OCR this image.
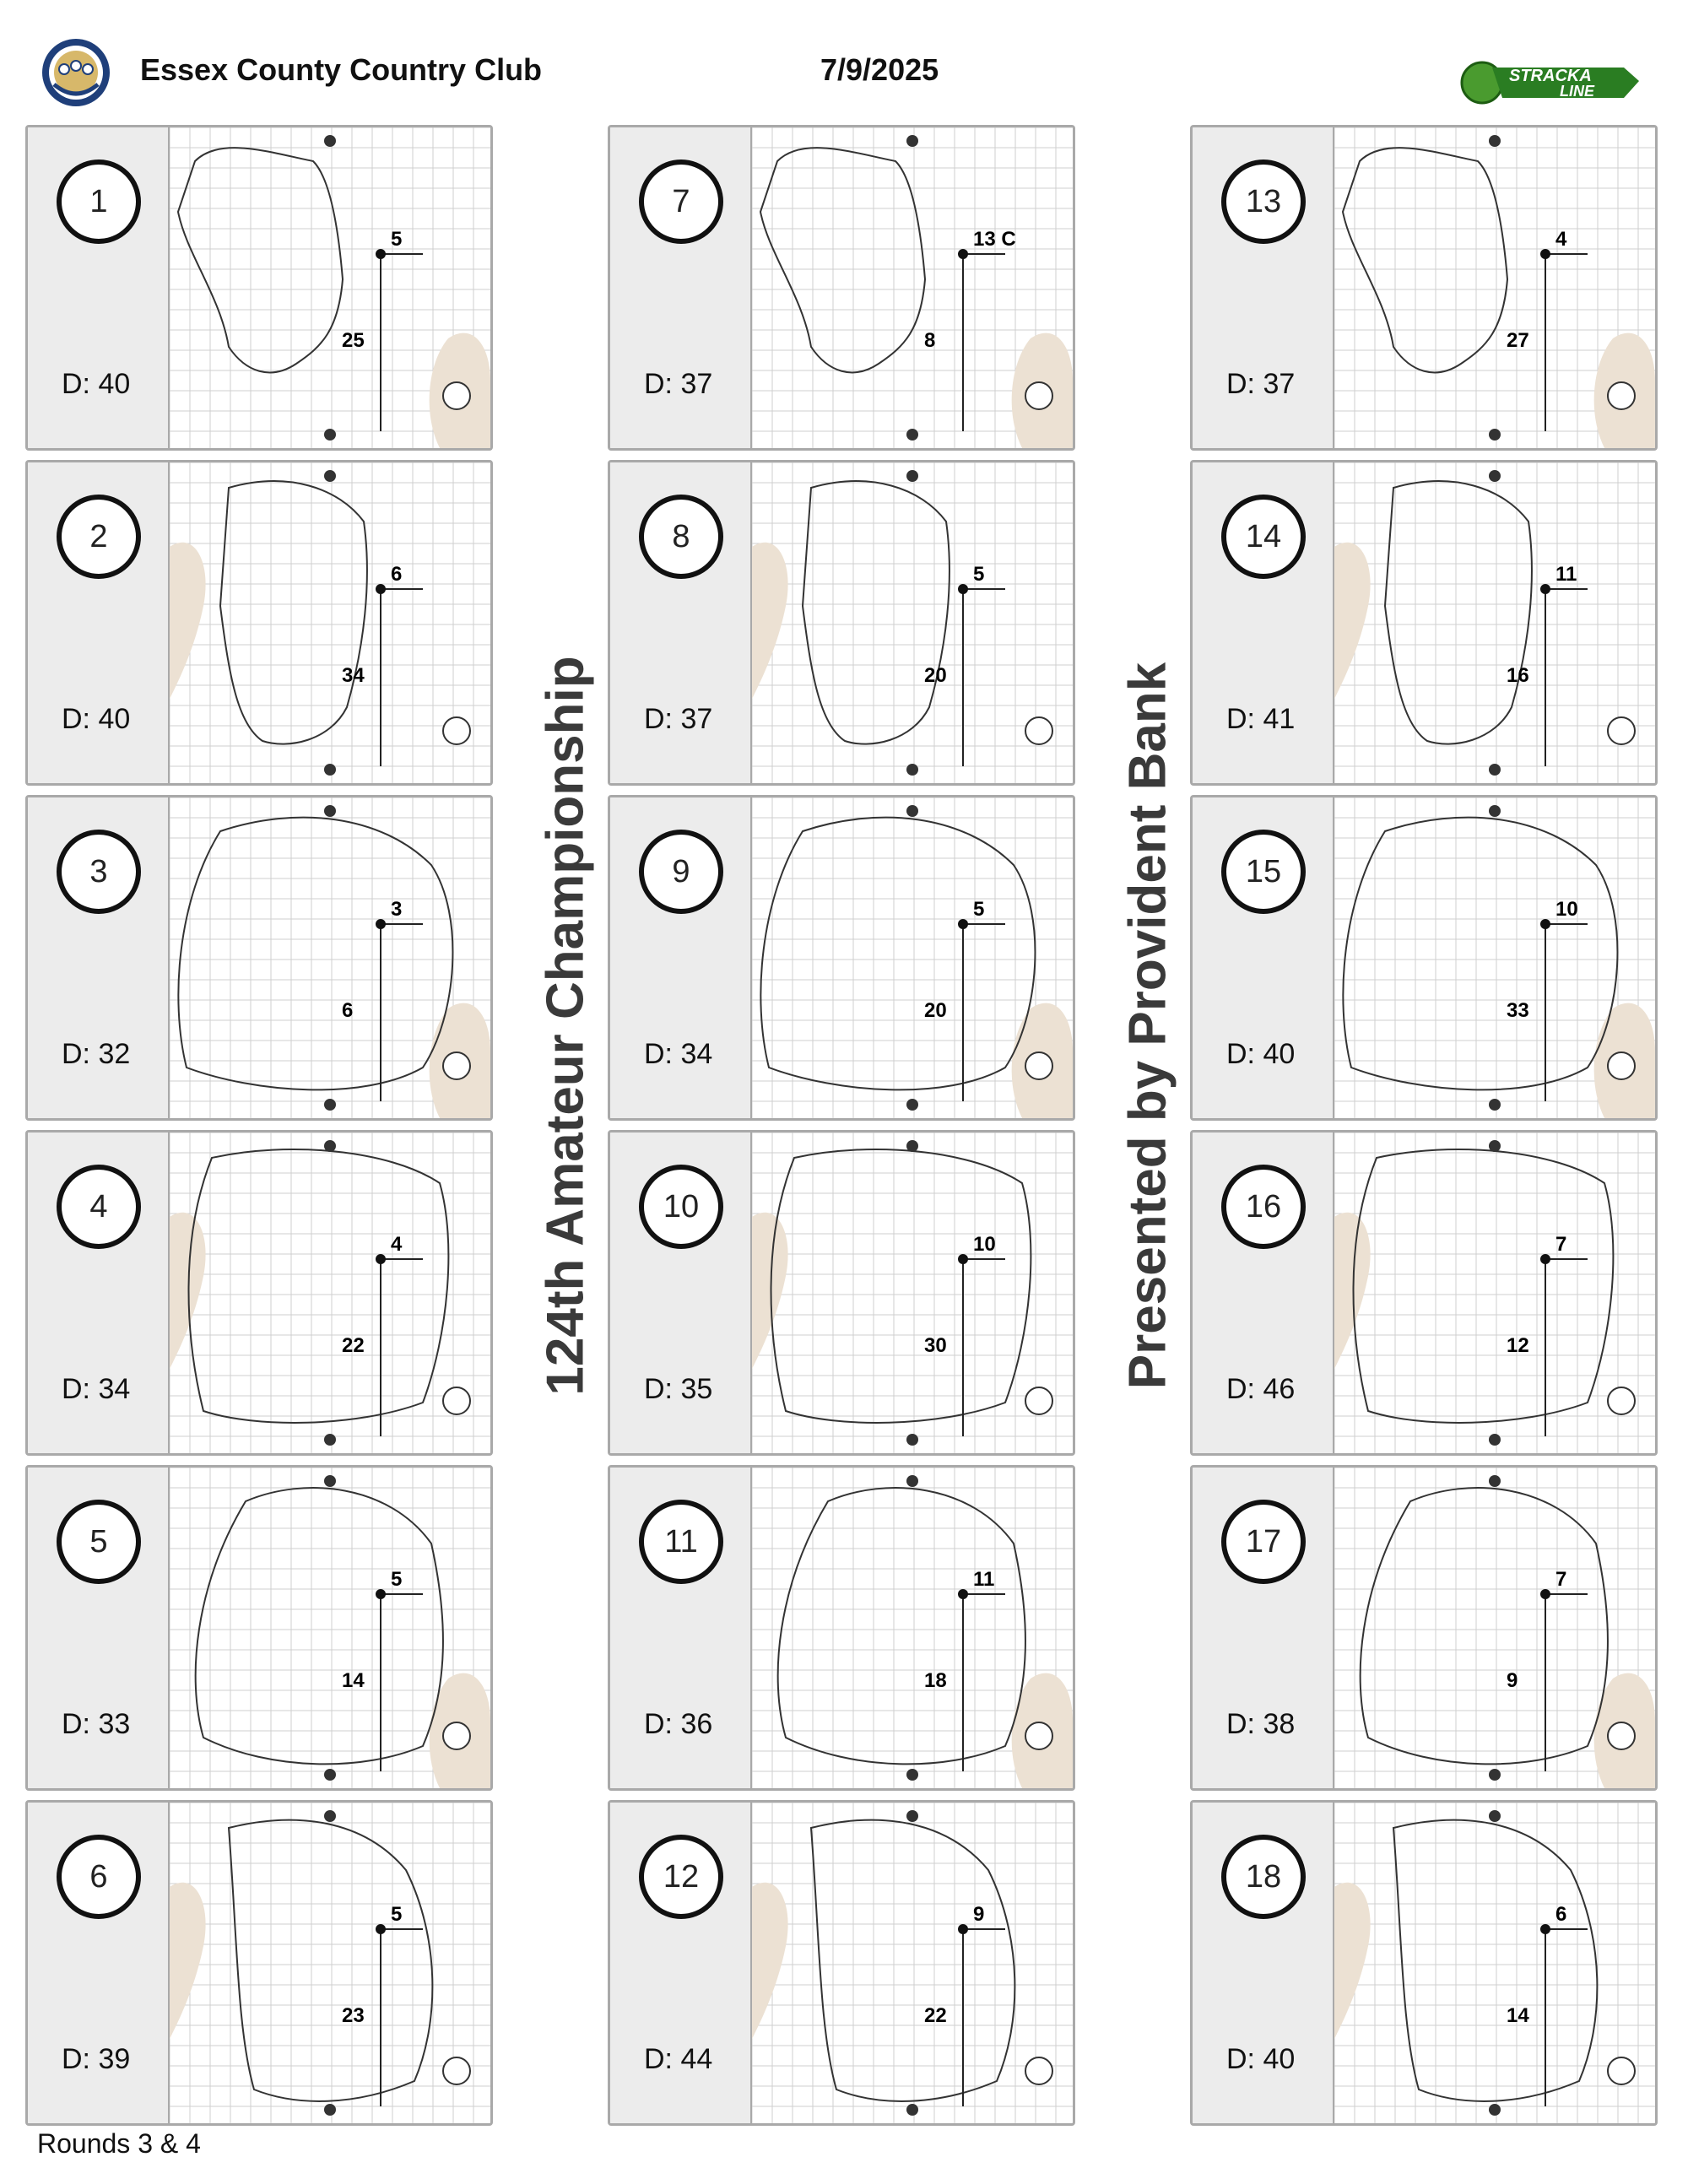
Essex County Country Club	7/9/2025	STRACKA
LINE
124th Amateur Championship	Presented by Provident Bank
1
D: 40
5
25
2
D: 40
6
34
3
D: 32
3
6
4
D: 34
4
22
5
D: 33
5
14
6
D: 39
5
23
7
D: 37
13 C
8
8
D: 37
5
20
9
D: 34
5
20
10
D: 35
10
30
11
D: 36
11
18
12
D: 44
9
22
13
D: 37
4
27
14
D: 41
11
16
15
D: 40
10
33
16
D: 46
7
12
17
D: 38
7
9
18
D: 40
6
14
Rounds 3 & 4
